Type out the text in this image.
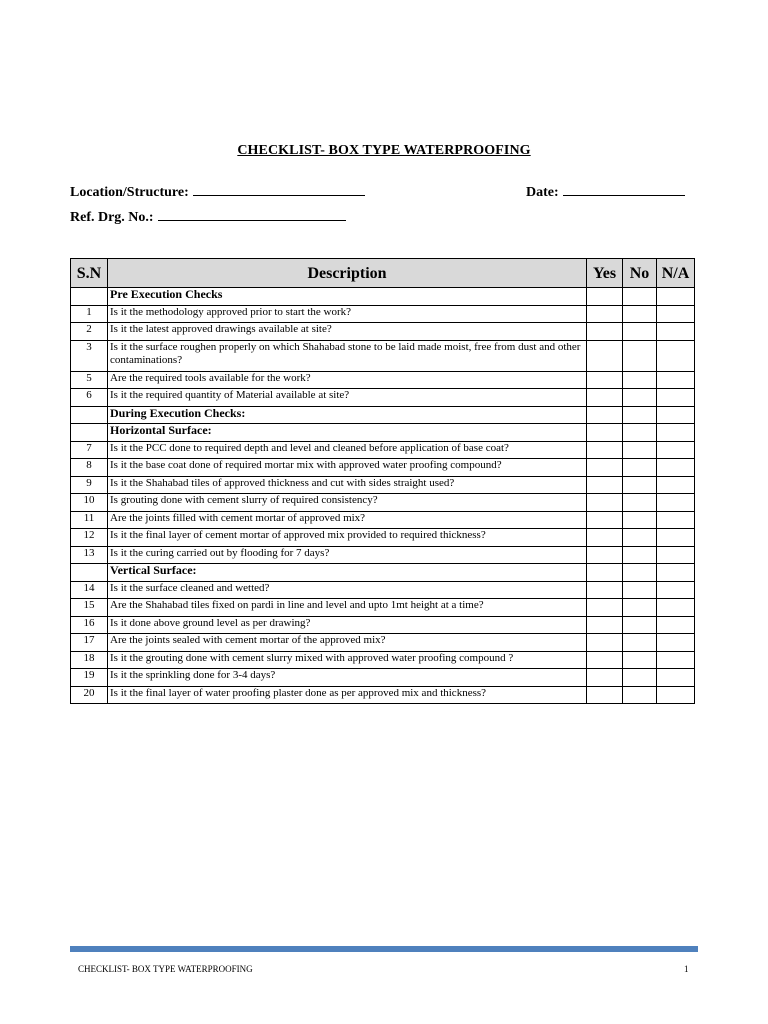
CHECKLIST- BOX TYPE WATERPROOFING
Location/Structure:	Date:
Ref. Drg. No.:
S.N	Description	Yes	No	N/A
	Pre Execution Checks			
1	Is it the methodology approved prior to start the work?			
2	Is it the latest approved drawings available at site?			
3	Is it the surface roughen properly on which Shahabad stone to be laid made moist, free from dust and other contaminations?			
5	Are the required tools available for the work?			
6	Is it the required quantity of Material available at site?			
	During Execution Checks:			
	Horizontal Surface:			
7	Is it the PCC done to required depth and level and cleaned before application of base coat?			
8	Is it the base coat done of required mortar mix with approved water proofing compound?			
9	Is it the Shahabad tiles of approved thickness and cut with sides straight used?			
10	Is grouting done with cement slurry of required consistency?			
11	Are the joints filled with cement mortar of approved mix?			
12	Is it the final layer of cement mortar of approved mix provided to required thickness?			
13	Is it the curing carried out by flooding for 7 days?			
	Vertical Surface:			
14	Is it the surface cleaned and wetted?			
15	Are the Shahabad tiles fixed on pardi in line and level and upto 1mt height at a time?			
16	Is it done above ground level as per drawing?			
17	Are the joints sealed with cement mortar of the approved mix?			
18	Is it the grouting done with cement slurry mixed with approved water proofing compound ?			
19	Is it the sprinkling done for 3-4 days?			
20	Is it the final layer of water proofing plaster done as per approved mix and thickness?			
CHECKLIST- BOX TYPE WATERPROOFING	1
